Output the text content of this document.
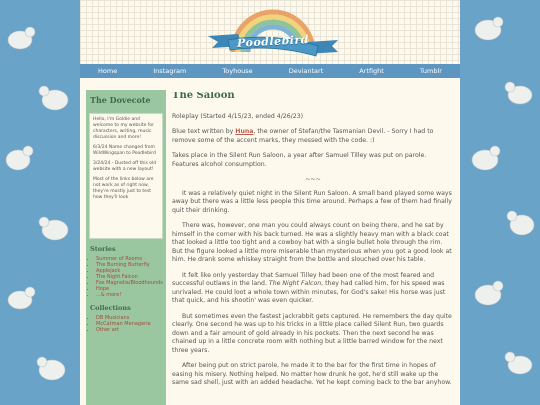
Poodlebird
Home	Instagram	Toyhouse	Deviantart	Artfight	Tumblr
The Dovecote

Hello, I'm Goldie and welcome to my website for characters, writing, music discussion and more!

6/3/24 Name changed from WildWingspan to Poodlebird

3/24/24 - Dusted off this old website with a new layout!

Most of the links below are not work as of right now, they're mostly just to test how they'll look

Stories
• Summer of Rooms
• The Burning Butterfly
• Applejack
• The Night Falcon
• Fox Magnolia/Bloodhounds
• Hope
• ...& more!
Collections
• DB Musicians
• McCatman Menagerie
• Other art
The Saloon

Roleplay (Started 4/15/23, ended 4/26/23)

Blue text written by Huna, the owner of Stefan/the Tasmanian Devil. - Sorry I had to remove some of the accent marks, they messed with the code. :)

Takes place in the Silent Run Saloon, a year after Samuel Tilley was put on parole. Features alcohol consumption.

~~~

It was a relatively quiet night in the Silent Run Saloon. A small band played some ways away but there was a little less people this time around. Perhaps a few of them had finally quit their drinking.

There was, however, one man you could always count on being there, and he sat by himself in the corner with his back turned. He was a slightly heavy man with a black coat that looked a little too tight and a cowboy hat with a single bullet hole through the rim. But the figure looked a little more miserable than mysterious when you got a good look at him. He drank some whiskey straight from the bottle and slouched over his table.

It felt like only yesterday that Samuel Tilley had been one of the most feared and successful outlaws in the land. The Night Falcon, they had called him, for his speed was unrivaled. He could loot a whole town within minutes, for God's sake! His horse was just that quick, and his shootin' was even quicker.

But sometimes even the fastest jackrabbit gets captured. He remembers the day quite clearly. One second he was up to his tricks in a little place called Silent Run, two guards down and a fair amount of gold already in his pockets. Then the next second he was chained up in a little concrete room with nothing but a little barred window for the next three years.

After being put on strict parole, he made it to the bar for the first time in hopes of easing his misery. Nothing helped. No matter how drunk he got, he'd still wake up the same sad shell, just with an added headache. Yet he kept coming back to the bar anyhow.
